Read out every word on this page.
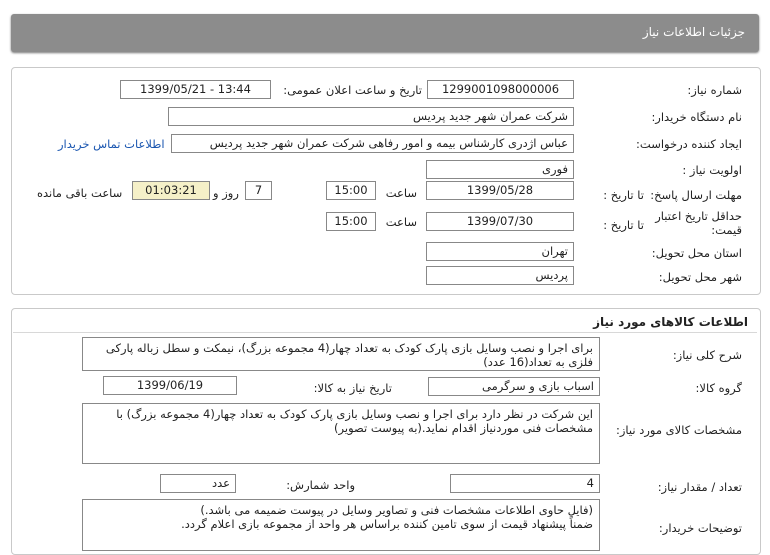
جزئیات اطلاعات نیاز
شماره نیاز:
1299001098000006
تاریخ و ساعت اعلان عمومی:
1399/05/21 - 13:44
نام دستگاه خریدار:
شرکت عمران شهر جدید پردیس
ایجاد کننده درخواست:
عباس اژدری کارشناس بیمه و امور رفاهی شرکت عمران شهر جدید پردیس
اطلاعات تماس خریدار
اولویت نیاز :
فوری
مهلت ارسال پاسخ:
تا تاریخ :
1399/05/28
ساعت
15:00
7
روز و
01:03:21
ساعت باقی مانده
حداقل تاریخ اعتبار قیمت:
تا تاریخ :
1399/07/30
ساعت
15:00
استان محل تحویل:
تهران
شهر محل تحویل:
پردیس
اطلاعات کالاهای مورد نیاز
شرح کلی نیاز:
برای اجرا و نصب وسایل بازی پارک کودک به تعداد چهار(4 مجموعه بزرگ)، نیمکت و سطل زباله پارکی فلزی به تعداد(16 عدد)
گروه کالا:
اسباب بازی و سرگرمی
تاریخ نیاز به کالا:
1399/06/19
مشخصات کالای مورد نیاز:
این شرکت در نظر دارد برای اجرا و نصب وسایل بازی پارک کودک به تعداد چهار(4 مجموعه بزرگ) با مشخصات فنی موردنیاز اقدام نماید.(به پیوست تصویر)
تعداد / مقدار نیاز:
4
واحد شمارش:
عدد
توضیحات خریدار:
(فایل حاوی اطلاعات مشخصات فنی و تصاویر وسایل در پیوست ضمیمه می باشد.)
ضمناً پیشنهاد قیمت از سوی تامین کننده براساس هر واحد از مجموعه بازی اعلام گردد.
